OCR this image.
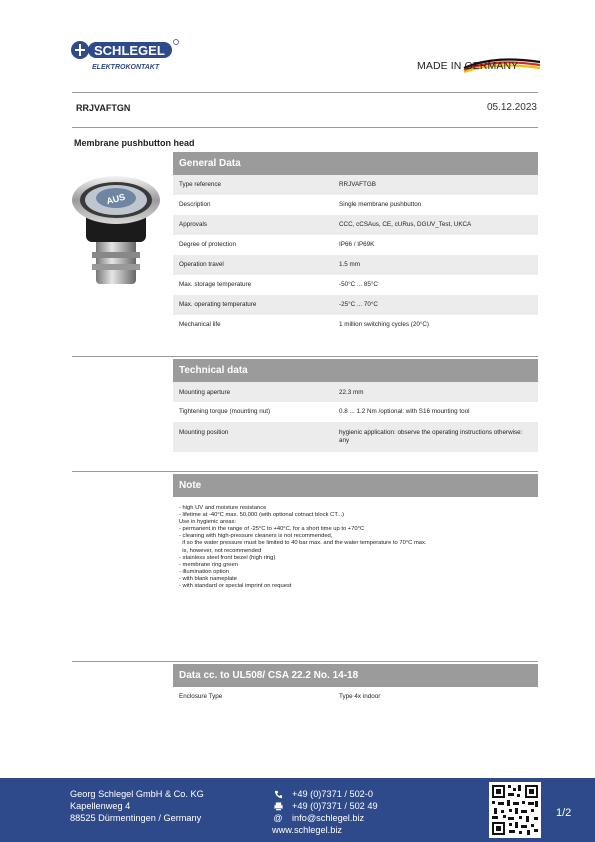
SCHLEGEL
ELEKTROKONTAKT	MADE IN GERMANY
RRJVAFTGN	05.12.2023
Membrane pushbutton head
AUS
General Data
Type reference	RRJVAFTGB
Description	Single membrane pushbutton
Approvals	CCC, cCSAus, CE, cURus, DGUV_Test, UKCA
Degree of protection	IP66 / IP69K
Operation travel	1.5 mm
Max. storage temperature	-50°C ... 85°C
Max. operating temperature	-25°C ... 70°C
Mechanical life	1 million switching cycles (20°C)
Technical data
Mounting aperture	22.3 mm
Tightening torque (mounting nut)	0.8 ... 1.2 Nm /optional: with S16 mounting tool
Mounting position	hygienic application: observe the operating instructions otherwise: any
Note
- high UV and moisture resistance
- lifetime at -40°C max. 50,000 (with optional cotnact block CT...)
Use in hygienic areas:
- permanent in the range of -25°C to +40°C, for a short time up to +70°C
- cleaning with high-pressure cleaners is not recommended,
if so the water pressure must be limited to 40 bar max. and the water temperature to 70°C max.
is, however, not recommended
- stainless steel front bezel (high ring)
- membrane ring green
- illumination option
- with blank nameplate
- with standard or special imprint on request
Data cc. to UL508/ CSA 22.2 No. 14-18
Enclosure Type	Type 4x indoor
Georg Schlegel GmbH & Co. KG
Kapellenweg 4
88525 Dürmentingen / Germany
+49 (0)7371 / 502-0
+49 (0)7371 / 502 49
@ info@schlegel.biz
www.schlegel.biz
1/2
